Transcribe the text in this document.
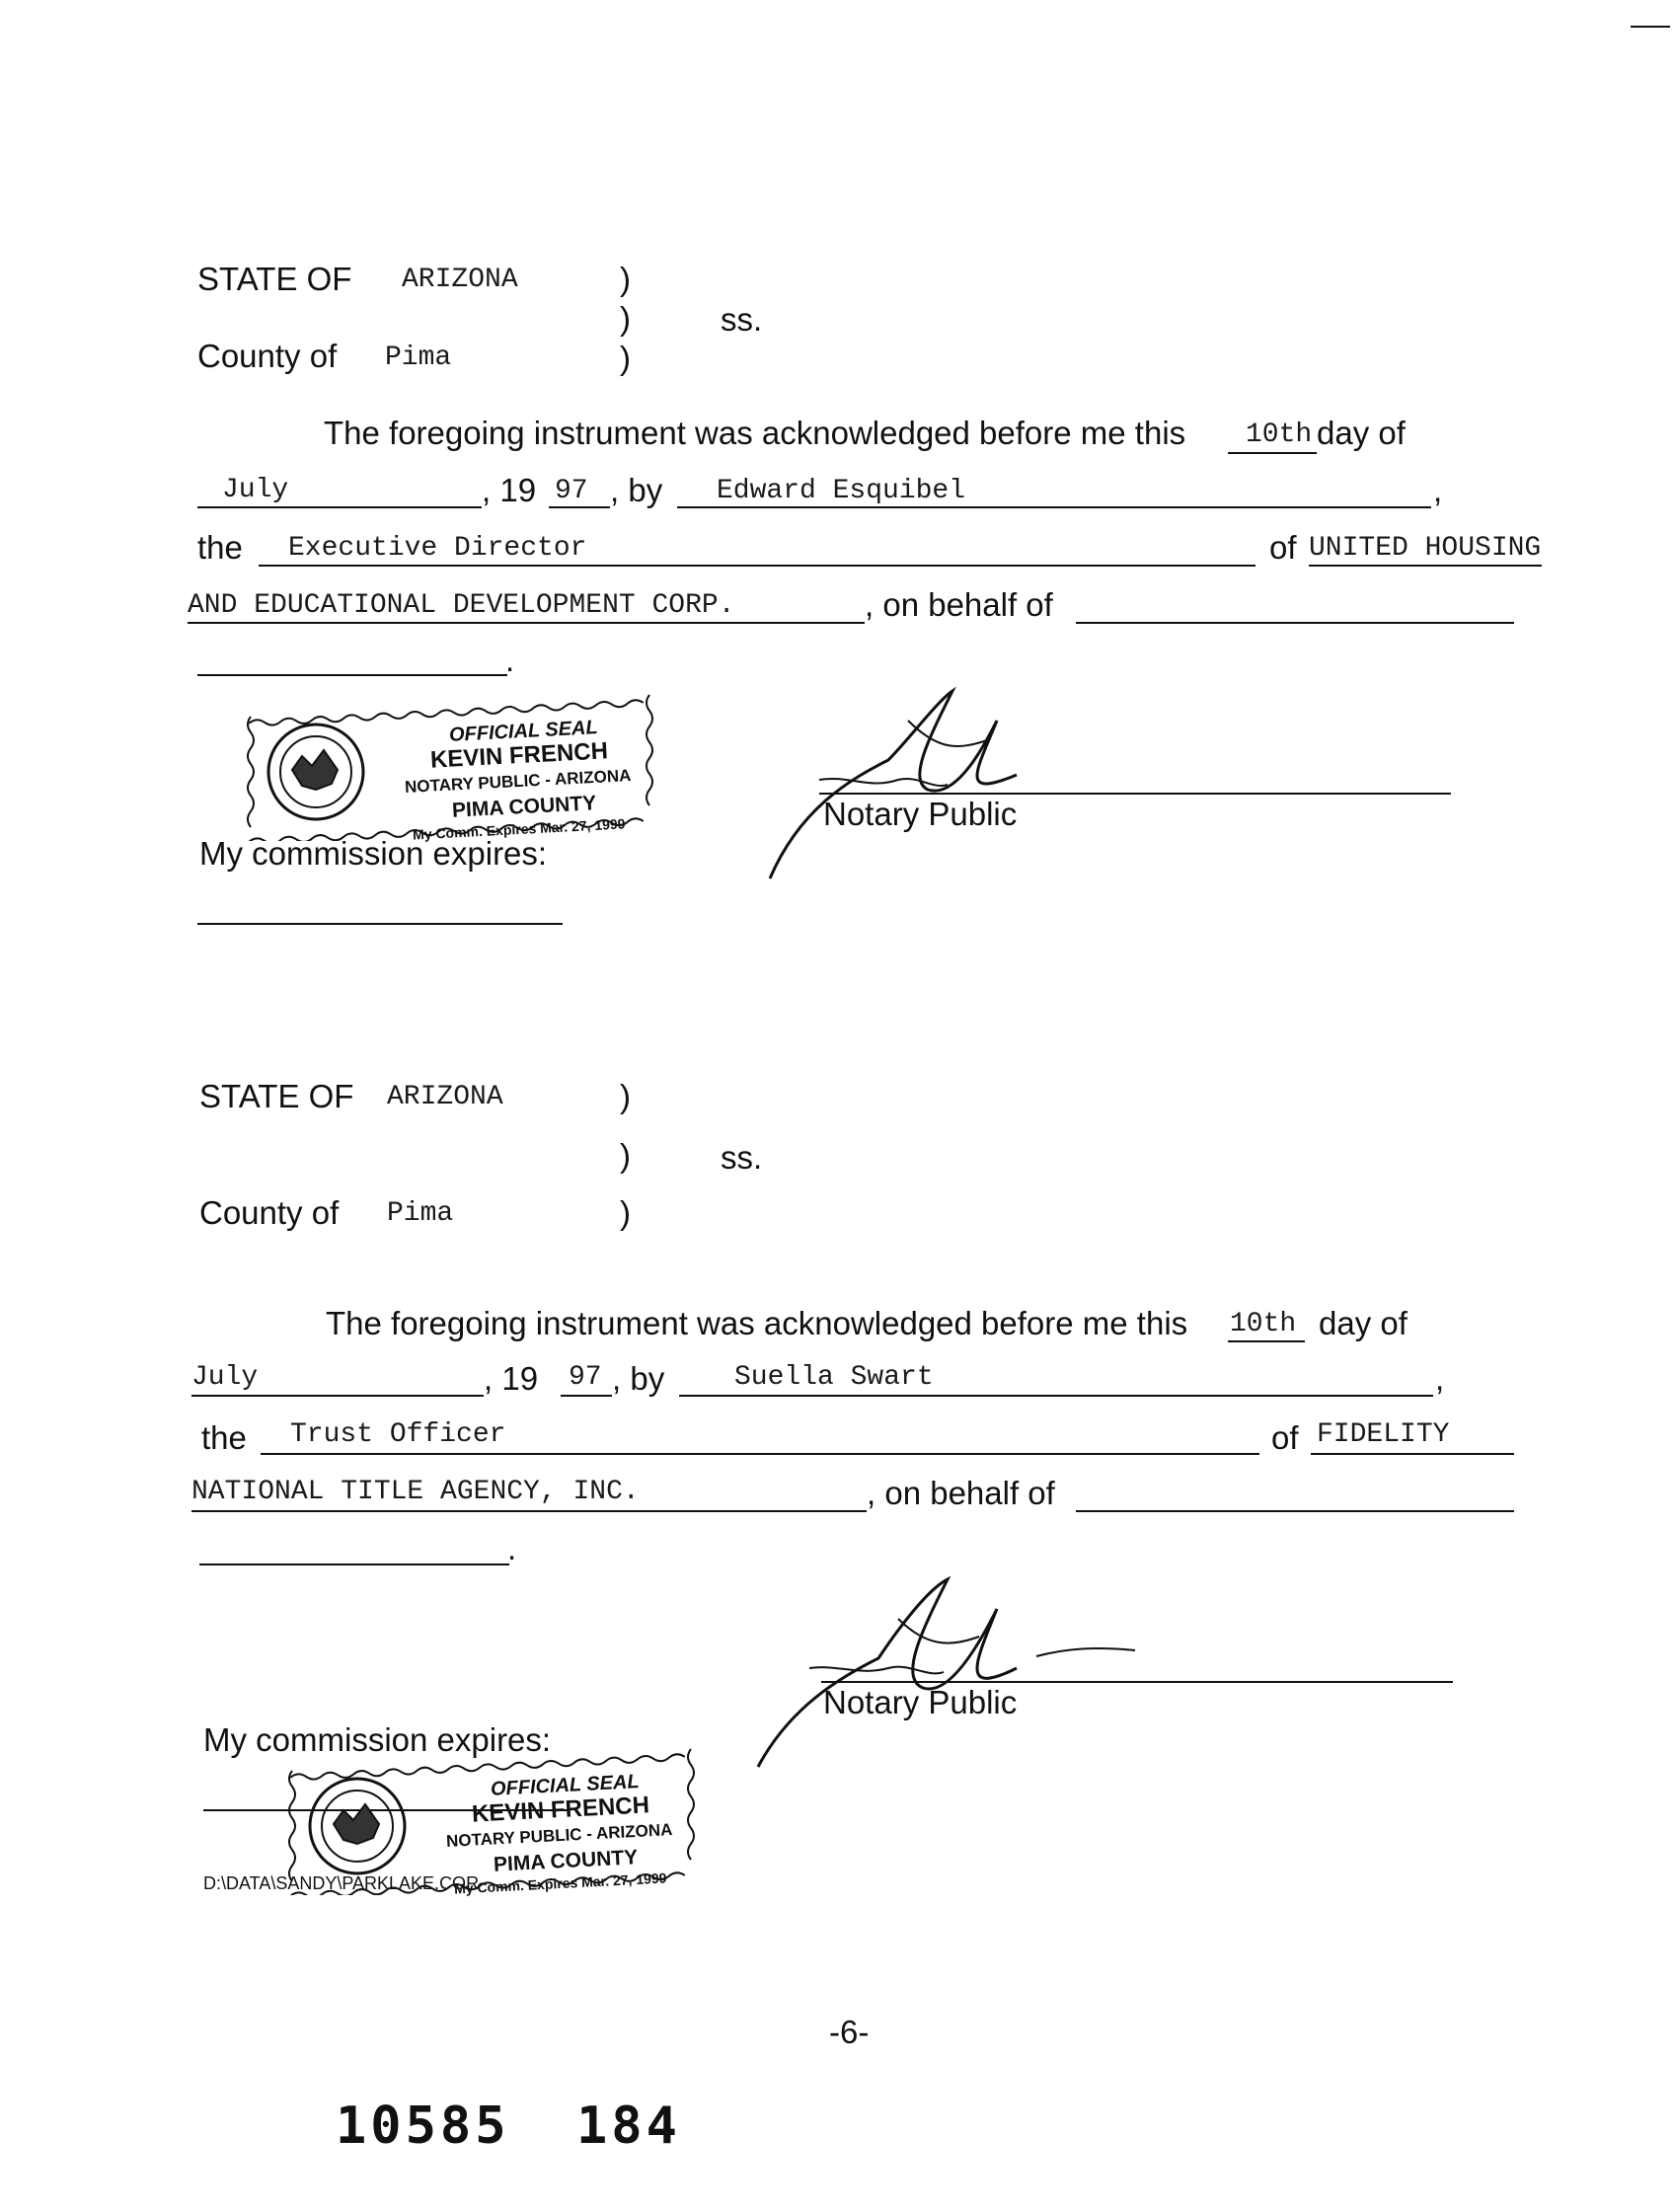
STATE OF ARIZONA	)
)	ss.
County of Pima	)
The foregoing instrument was acknowledged before me this 10th day of
July	, 19 97 , by Edward Esquibel	,
the Executive Director	of UNITED HOUSING
AND EDUCATIONAL DEVELOPMENT CORP.	, on behalf of
.
OFFICIAL SEAL
KEVIN FRENCH
NOTARY PUBLIC - ARIZONA
PIMA COUNTY
My Comm. Expires Mar. 27, 1999
My commission expires:
Notary Public
STATE OF ARIZONA	)
)	ss.
County of Pima	)
The foregoing instrument was acknowledged before me this 10th day of
July	, 19 97 , by	Suella Swart	,
the Trust Officer	of FIDELITY
NATIONAL TITLE AGENCY, INC.	, on behalf of
.
Notary Public
My commission expires:
OFFICIAL SEAL
KEVIN FRENCH
NOTARY PUBLIC - ARIZONA
PIMA COUNTY
My Comm. Expires Mar. 27, 1999
D:\DATA\SANDY\PARKLAKE.COR
-6-
10585 184
